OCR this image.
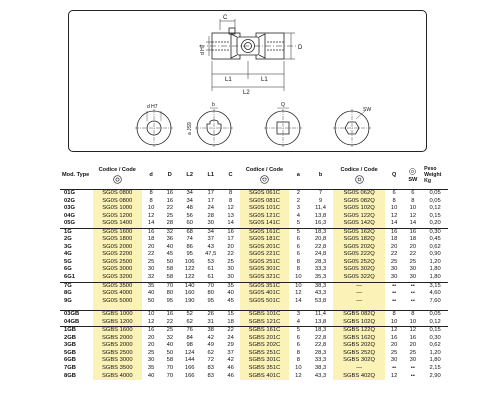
C
D
d H7
L1	L1
L2
d H7	b
a JS9
Q
SW
Mod. Type	Codice / Code	d	D	L2	L1	C	Codice / Code	a	b	Codice / Code	Q	SW	Peso Weight Kg
01G	SG0S 0800	8	16	34	17	8	SG0S 061C	2	7	SG0S 062Q	6	6	0,05
02G	SG0S 0800	8	16	34	17	8	SG0S 081C	2	9	SG0S 082Q	8	8	0,05
03G	SG0S 1000	10	22	48	24	12	SG0S 101C	3	11,4	SG0S 102Q	10	10	0,12
04G	SG0S 1200	12	25	56	28	13	SG0S 121C	4	13,8	SG0S 122Q	12	12	0,15
05G	SG0S 1400	14	28	60	30	14	SG0S 141C	5	16,3	SG0S 142Q	14	14	0,20
1G	SG0S 1600	16	32	68	34	16	SG0S 161C	5	18,3	SG0S 162Q	16	16	0,30
2G	SG0S 1800	18	36	74	37	17	SG0S 181C	6	20,8	SG0S 182Q	18	18	0,45
3G	SG0S 2000	20	40	86	43	20	SG0S 201C	6	22,8	SG0S 202Q	20	20	0,62
4G	SG0S 2200	22	45	95	47,5	22	SG0S 221C	6	24,8	SG0S 222Q	22	22	0,90
5G	SG0S 2500	25	50	106	53	25	SG0S 251C	8	28,3	SG0S 252Q	25	25	1,20
6G	SG0S 3000	30	58	122	61	30	SG0S 301C	8	33,3	SG0S 302Q	30	30	1,80
6G1	SG0S 3200	32	58	122	61	30	SG0S 321C	10	35,3	SG0S 322Q	30	30	1,80
7G	SG0S 3500	35	70	140	70	35	SG0S 351C	10	38,3	—	••	••	3,15
8G	SG0S 4000	40	80	160	80	40	SG0S 401C	12	43,3	—	••	••	4,60
9G	SG0S 5000	50	95	190	95	45	SG0S 501C	14	53,8	—	••	••	7,60

03GB	SGBS 1000	10	16	52	26	15	SGBS 101C	3	11,4	SGBS 082Q	8	8	0,05
04GB	SGBS 1200	12	22	62	31	18	SGBS 121C	4	13,8	SGBS 102Q	10	10	0,12
1GB	SGBS 1600	16	25	76	38	22	SGBS 161C	5	18,3	SGBS 122Q	12	12	0,15
2GB	SGBS 2000	20	32	84	42	24	SGBS 201C	6	22,8	SGBS 162Q	16	16	0,30
3GB	SGBS 2000	20	40	98	49	29	SGBS 202C	6	22,8	SGBS 202Q	20	20	0,62
5GB	SGBS 2500	25	50	124	62	37	SGBS 251C	8	28,3	SGBS 252Q	25	25	1,20
6GB	SGBS 3000	30	58	144	72	42	SGBS 301C	8	33,3	SGBS 302Q	30	30	1,80
7GB	SGBS 3500	35	70	166	83	46	SGBS 351C	10	38,3	—	••	••	2,15
8GB	SGBS 4000	40	70	166	83	46	SGBS 401C	12	43,3	SGBS 402Q	12	••	2,90
